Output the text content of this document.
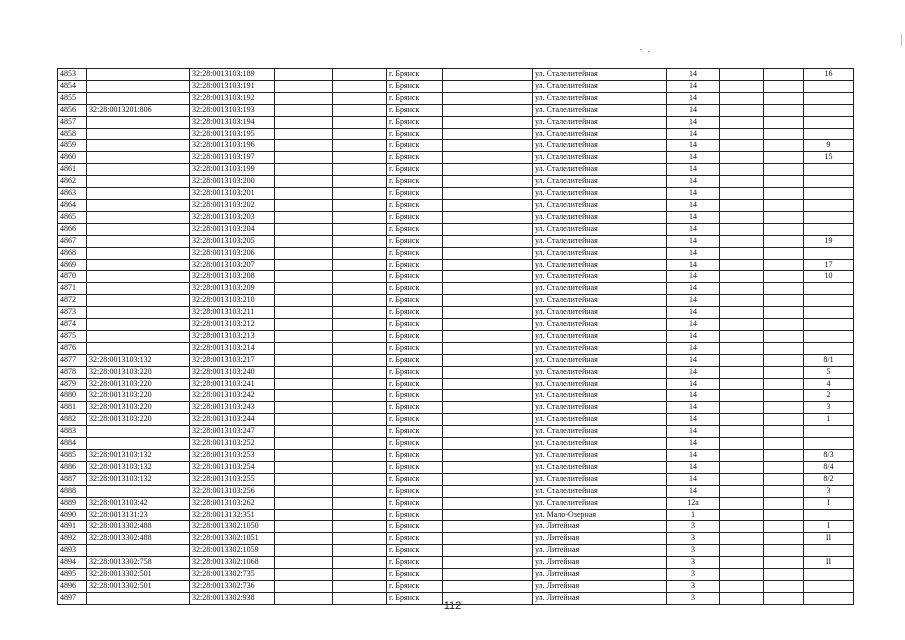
4853		32:28:0013103:189			г. Брянск		ул. Сталелитейная	14			16
4854		32:28:0013103:191			г. Брянск		ул. Сталелитейная	14			
4855		32:28:0013103:192			г. Брянск		ул. Сталелитейная	14			
4856	32:28:0013201:806	32:28:0013103:193			г. Брянск		ул. Сталелитейная	14			
4857		32:28:0013103:194			г. Брянск		ул. Сталелитейная	14			
4858		32:28:0013103:195			г. Брянск		ул. Сталелитейная	14			
4859		32:28:0013103:196			г. Брянск		ул. Сталелитейная	14			9
4860		32:28:0013103:197			г. Брянск		ул. Сталелитейная	14			15
4861		32:28:0013103:199			г. Брянск		ул. Сталелитейная	14			
4862		32:28:0013103:200			г. Брянск		ул. Сталелитейная	14			
4863		32:28:0013103:201			г. Брянск		ул. Сталелитейная	14			
4864		32:28:0013103:202			г. Брянск		ул. Сталелитейная	14			
4865		32:28:0013103:203			г. Брянск		ул. Сталелитейная	14			
4866		32:28:0013103:204			г. Брянск		ул. Сталелитейная	14			
4867		32:28:0013103:205			г. Брянск		ул. Сталелитейная	14			19
4868		32:28:0013103:206			г. Брянск		ул. Сталелитейная	14			
4869		32:28:0013103:207			г. Брянск		ул. Сталелитейная	14			17
4870		32:28:0013103:208			г. Брянск		ул. Сталелитейная	14			10
4871		32:28:0013103:209			г. Брянск		ул. Сталелитейная	14			
4872		32:28:0013103:210			г. Брянск		ул. Сталелитейная	14			
4873		32:28:0013103:211			г. Брянск		ул. Сталелитейная	14			
4874		32:28:0013103:212			г. Брянск		ул. Сталелитейная	14			
4875		32:28:0013103:213			г. Брянск		ул. Сталелитейная	14			
4876		32:28:0013103:214			г. Брянск		ул. Сталелитейная	14			
4877	32:28:0013103:132	32:28:0013103:217			г. Брянск		ул. Сталелитейная	14			8/1
4878	32:28:0013103:220	32:28:0013103:240			г. Брянск		ул. Сталелитейная	14			5
4879	32:28:0013103:220	32:28:0013103:241			г. Брянск		ул. Сталелитейная	14			4
4880	32:28:0013103:220	32:28:0013103:242			г. Брянск		ул. Сталелитейная	14			2
4881	32:28:0013103:220	32:28:0013103:243			г. Брянск		ул. Сталелитейная	14			3
4882	32:28:0013103:220	32:28:0013103:244			г. Брянск		ул. Сталелитейная	14			1
4883		32:28:0013103:247			г. Брянск		ул. Сталелитейная	14			
4884		32:28:0013103:252			г. Брянск		ул. Сталелитейная	14			
4885	32:28:0013103:132	32:28:0013103:253			г. Брянск		ул. Сталелитейная	14			8/3
4886	32:28:0013103:132	32:28:0013103:254			г. Брянск		ул. Сталелитейная	14			8/4
4887	32:28:0013103:132	32:28:0013103:255			г. Брянск		ул. Сталелитейная	14			8/2
4888		32:28:0013103:256			г. Брянск		ул. Сталелитейная	14			3
4889	32:28:0013103:42	32:28:0013103:262			г. Брянск		ул. Сталелитейная	12а			I
4890	32:28:0013131:23	32:28:0013132:351			г. Брянск		ул. Мало-Озерная	1			
4891	32:28:0013302:488	32:28:0013302:1050			г. Брянск		ул. Литейная	3			I
4892	32:28:0013302:488	32:28:0013302:1051			г. Брянск		ул. Литейная	3			II
4893		32:28:0013302:1059			г. Брянск		ул. Литейная	3			
4894	32:28:0013302:758	32:28:0013302:1068			г. Брянск		ул. Литейная	3			II
4895	32:28:0013302:501	32:28:0013302:735			г. Брянск		ул. Литейная	3			
4896	32:28:0013302:501	32:28:0013302:736			г. Брянск		ул. Литейная	3			
4897		32:28:0013302:938			г. Брянск		ул. Литейная	3			
112
